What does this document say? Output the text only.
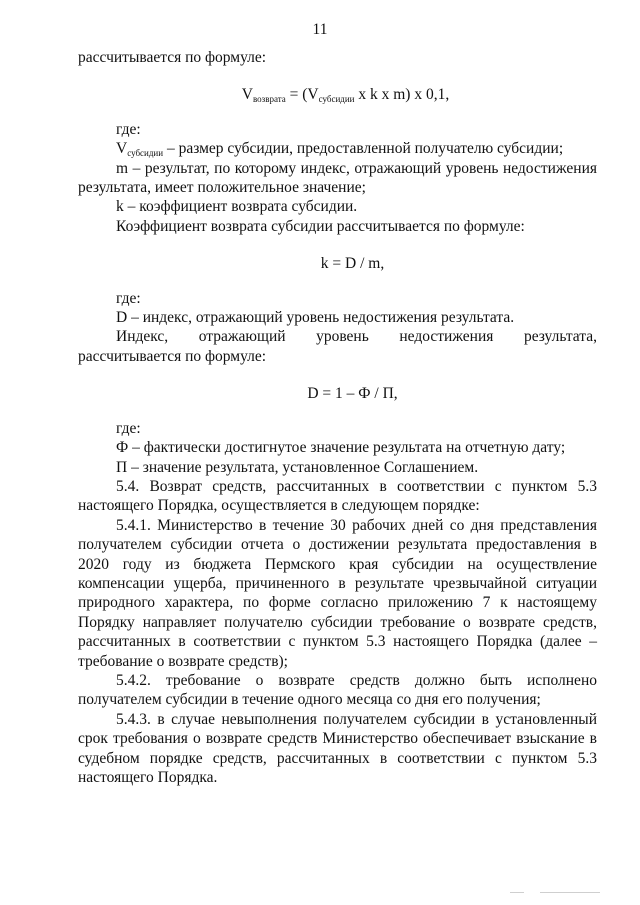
11

рассчитывается по формуле:

$V_{возврата} = (V_{субсидии}$ x k x m) x 0,1,

где:

$V_{субсидии}$ – размер субсидии, предоставленной получателю субсидии;

m – результат, по которому индекс, отражающий уровень недостижения результата, имеет положительное значение;

k – коэффициент возврата субсидии.

Коэффициент возврата субсидии рассчитывается по формуле:

k = D / m,

где:

D – индекс, отражающий уровень недостижения результата.

Индекс, отражающий уровень недостижения результата, рассчитывается по формуле:

D = 1 – Ф / П,

где:

Ф – фактически достигнутое значение результата на отчетную дату;

П – значение результата, установленное Соглашением.

5.4. Возврат средств, рассчитанных в соответствии с пунктом 5.3 настоящего Порядка, осуществляется в следующем порядке:

5.4.1. Министерство в течение 30 рабочих дней со дня представления получателем субсидии отчета о достижении результата предоставления в 2020 году из бюджета Пермского края субсидии на осуществление компенсации ущерба, причиненного в результате чрезвычайной ситуации природного характера, по форме согласно приложению 7 к настоящему Порядку направляет получателю субсидии требование о возврате средств, рассчитанных в соответствии с пунктом 5.3 настоящего Порядка (далее – требование о возврате средств);

5.4.2. требование о возврате средств должно быть исполнено получателем субсидии в течение одного месяца со дня его получения;

5.4.3. в случае невыполнения получателем субсидии в установленный срок требования о возврате средств Министерство обеспечивает взыскание в судебном порядке средств, рассчитанных в соответствии с пунктом 5.3 настоящего Порядка.
